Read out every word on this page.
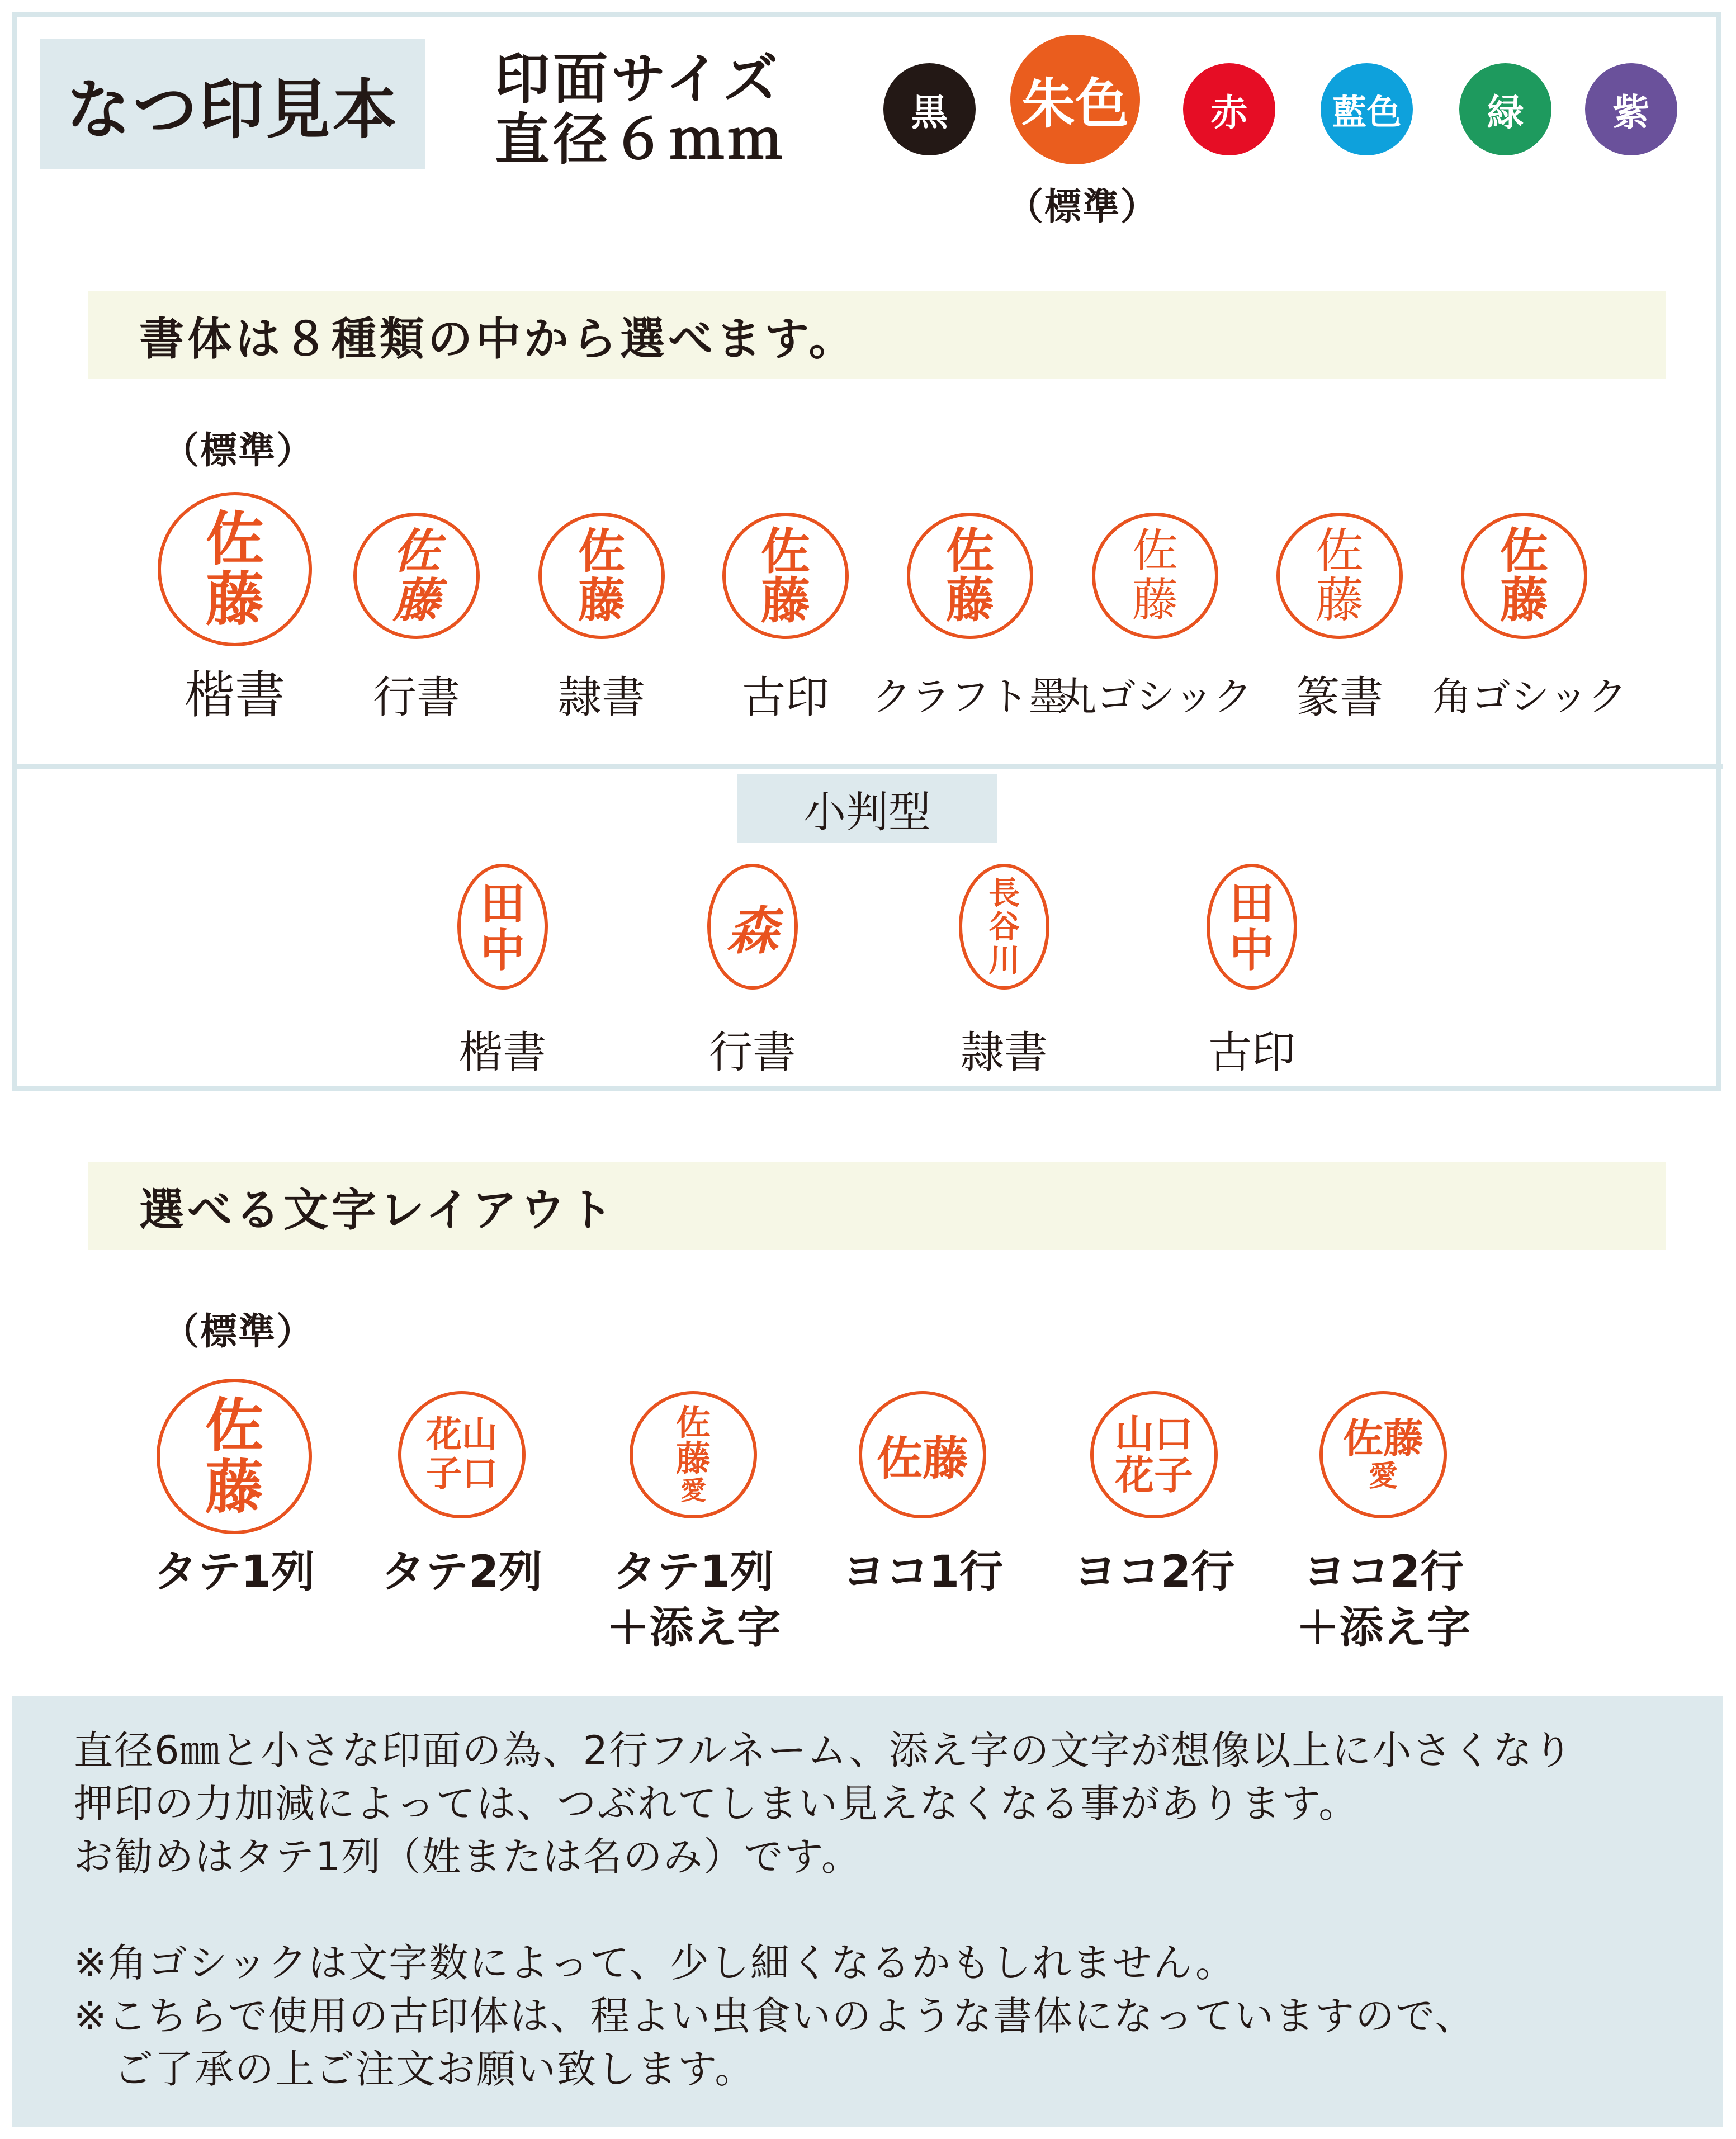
なつ印見本	印面サイズ
直径６ｍｍ	黒 朱色 赤 藍色 緑 紫
（標準）
書体は８種類の中から選べます。
（標準）
佐
藤
佐
藤
佐
藤
佐
藤
佐
藤
佐
藤
佐
藤
佐
藤
楷書	行書	隷書	古印	クラフト墨
丸ゴシック 篆書	角ゴシック
小判型
田
中	森
長
谷
川
田
中
楷書	行書	隷書	古印
選べる文字レイアウト
（標準）
佐
藤
花山
子口
佐
藤
愛
佐藤	山口
花子
佐藤
愛
タテ1列	タテ2列	タテ1列
＋添え字
ヨコ1行	ヨコ2行	ヨコ2行
＋添え字
直径6㎜と小さな印面の為、2行フルネーム、添え字の文字が想像以上に小さくなり
押印の力加減によっては、つぶれてしまい見えなくなる事があります。
お勧めはタテ1列（姓または名のみ）です。
※角ゴシックは文字数によって、少し細くなるかもしれません。
※こちらで使用の古印体は、程よい虫食いのような書体になっていますので、
　ご了承の上ご注文お願い致します。
